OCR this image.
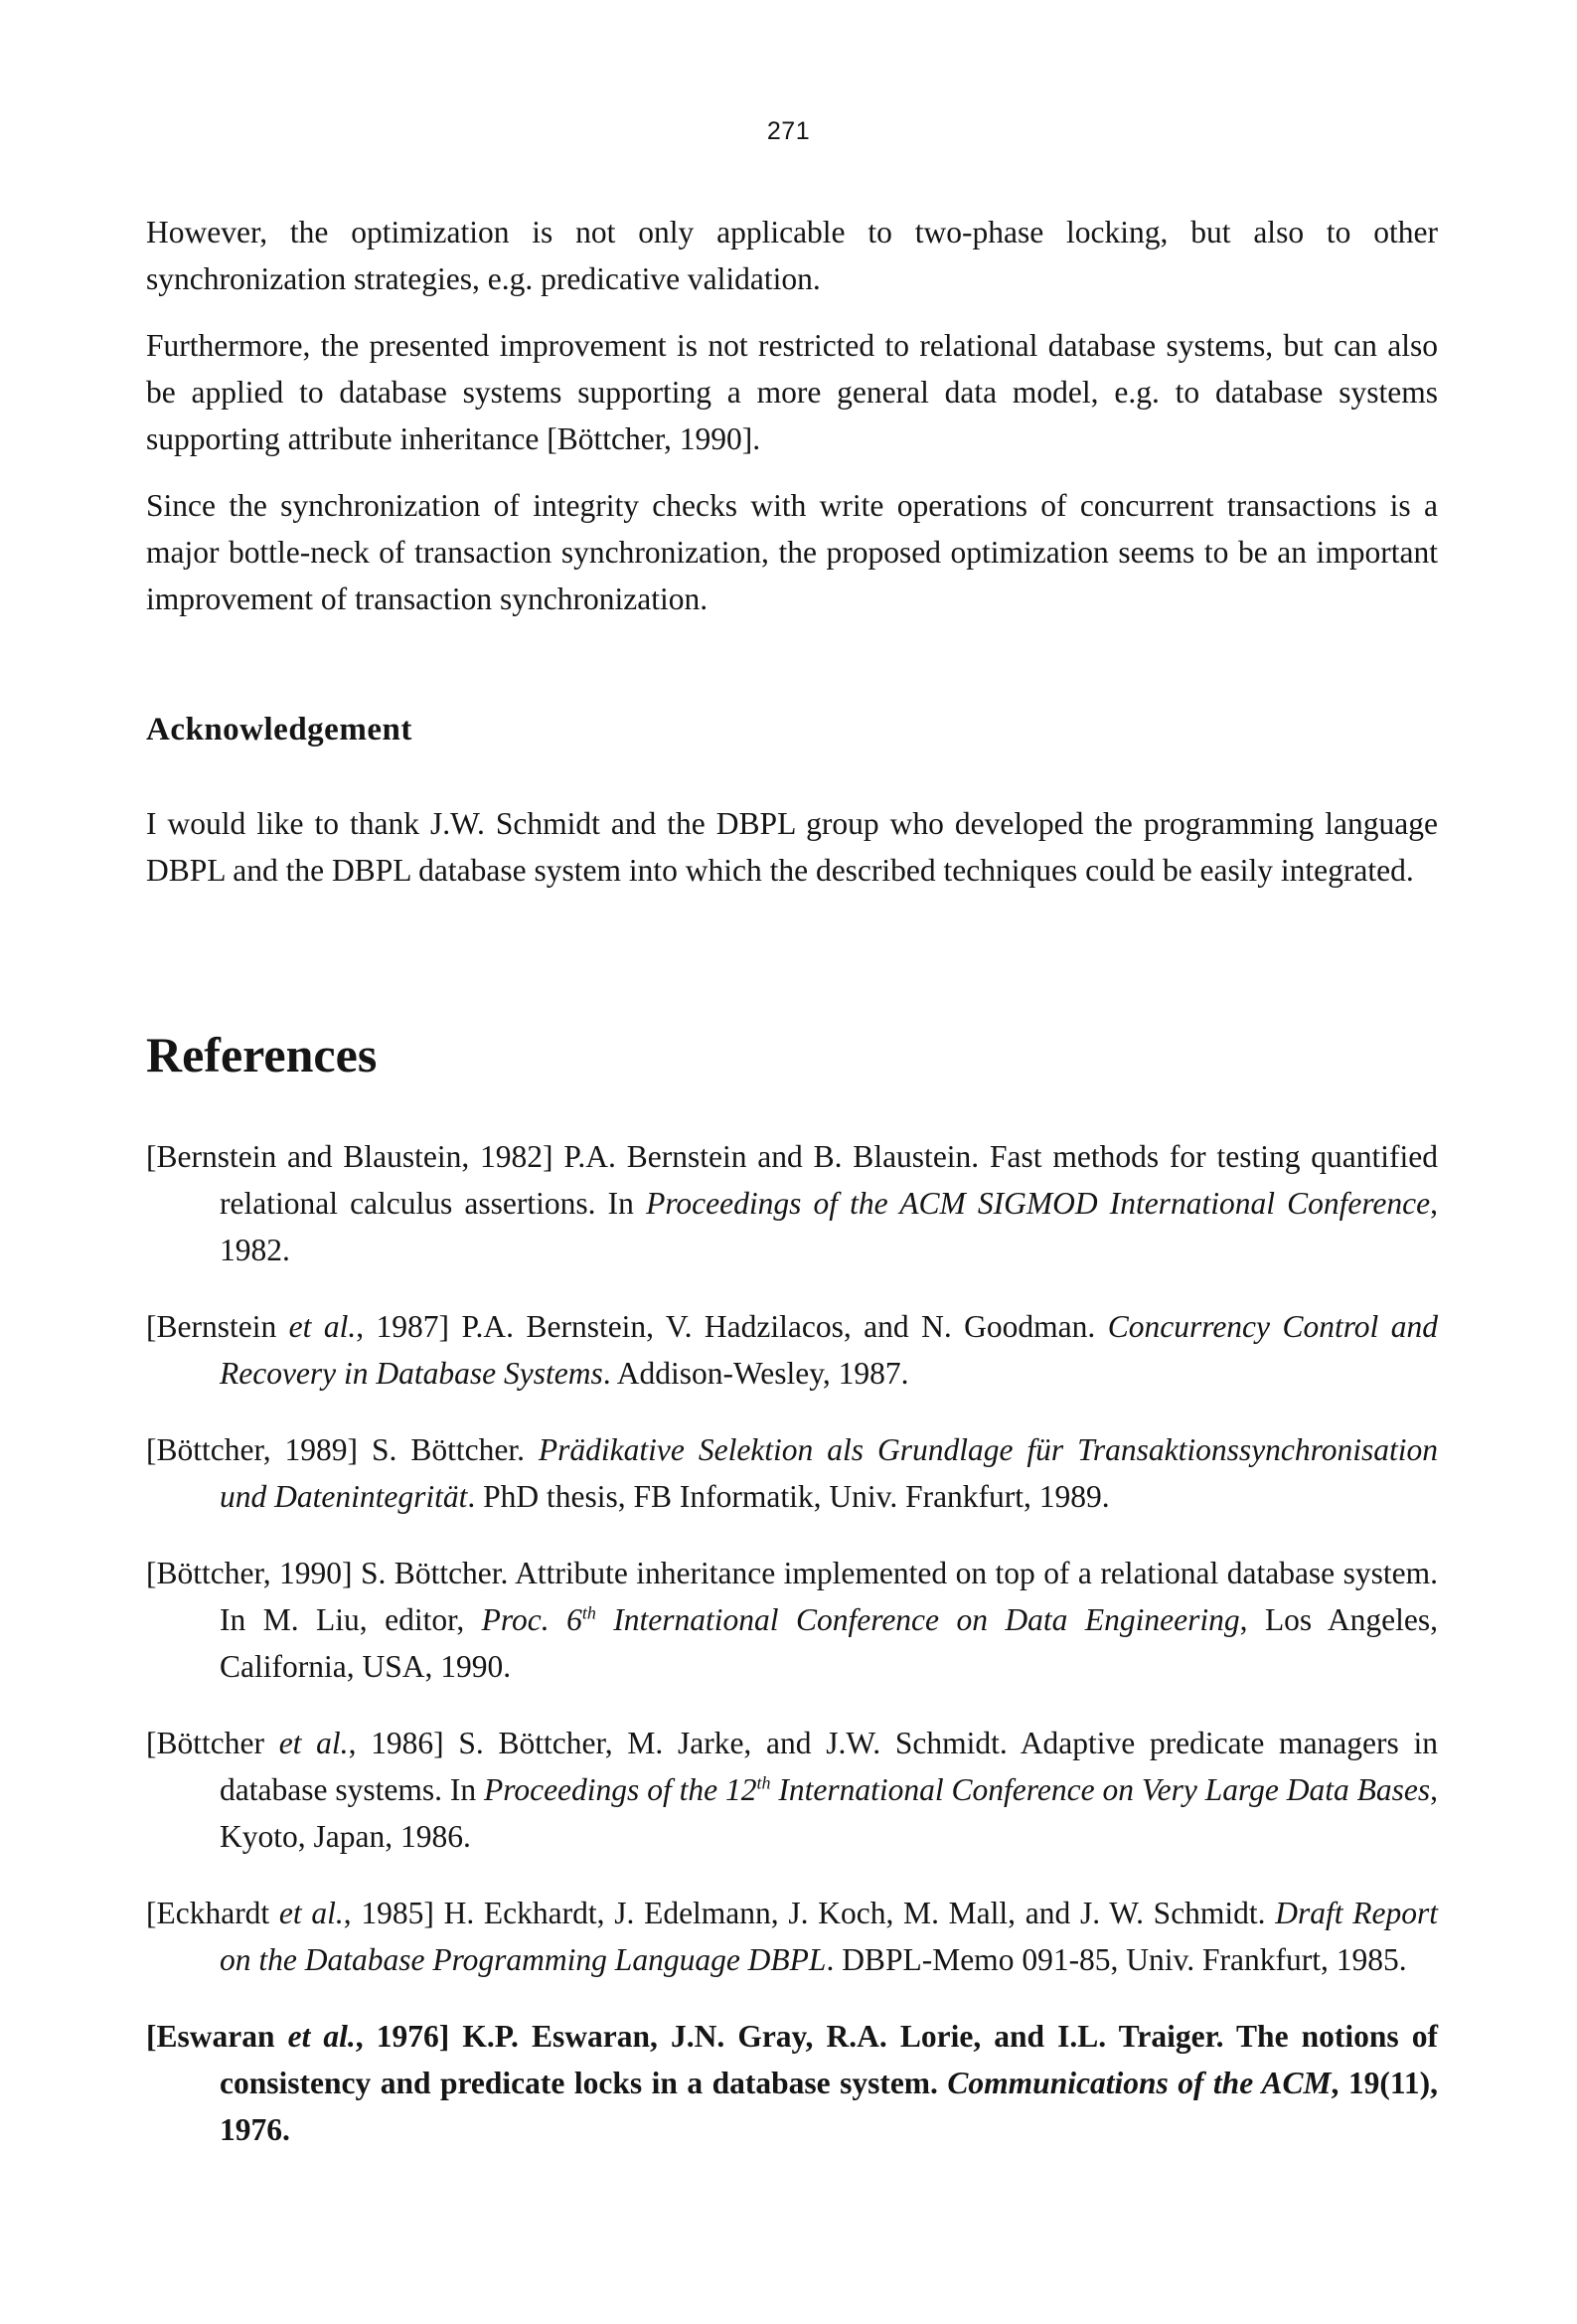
271

However, the optimization is not only applicable to two-phase locking, but also to other synchronization strategies, e.g. predicative validation.

Furthermore, the presented improvement is not restricted to relational database systems, but can also be applied to database systems supporting a more general data model, e.g. to database systems supporting attribute inheritance [Böttcher, 1990].

Since the synchronization of integrity checks with write operations of concurrent transactions is a major bottle-neck of transaction synchronization, the proposed optimization seems to be an important improvement of transaction synchronization.

Acknowledgement

I would like to thank J.W. Schmidt and the DBPL group who developed the programming language DBPL and the DBPL database system into which the described techniques could be easily integrated.

References
[Bernstein and Blaustein, 1982] P.A. Bernstein and B. Blaustein. Fast methods for testing quantified relational calculus assertions. In Proceedings of the ACM SIGMOD International Conference, 1982.
[Bernstein et al., 1987] P.A. Bernstein, V. Hadzilacos, and N. Goodman. Concurrency Control and Recovery in Database Systems. Addison-Wesley, 1987.
[Böttcher, 1989] S. Böttcher. Prädikative Selektion als Grundlage für Transaktionssynchronisation und Datenintegrität. PhD thesis, FB Informatik, Univ. Frankfurt, 1989.
[Böttcher, 1990] S. Böttcher. Attribute inheritance implemented on top of a relational database system. In M. Liu, editor, Proc. 6th International Conference on Data Engineering, Los Angeles, California, USA, 1990.
[Böttcher et al., 1986] S. Böttcher, M. Jarke, and J.W. Schmidt. Adaptive predicate managers in database systems. In Proceedings of the 12th International Conference on Very Large Data Bases, Kyoto, Japan, 1986.
[Eckhardt et al., 1985] H. Eckhardt, J. Edelmann, J. Koch, M. Mall, and J. W. Schmidt. Draft Report on the Database Programming Language DBPL. DBPL-Memo 091-85, Univ. Frankfurt, 1985.
[Eswaran et al., 1976] K.P. Eswaran, J.N. Gray, R.A. Lorie, and I.L. Traiger. The notions of consistency and predicate locks in a database system. Communications of the ACM, 19(11), 1976.
